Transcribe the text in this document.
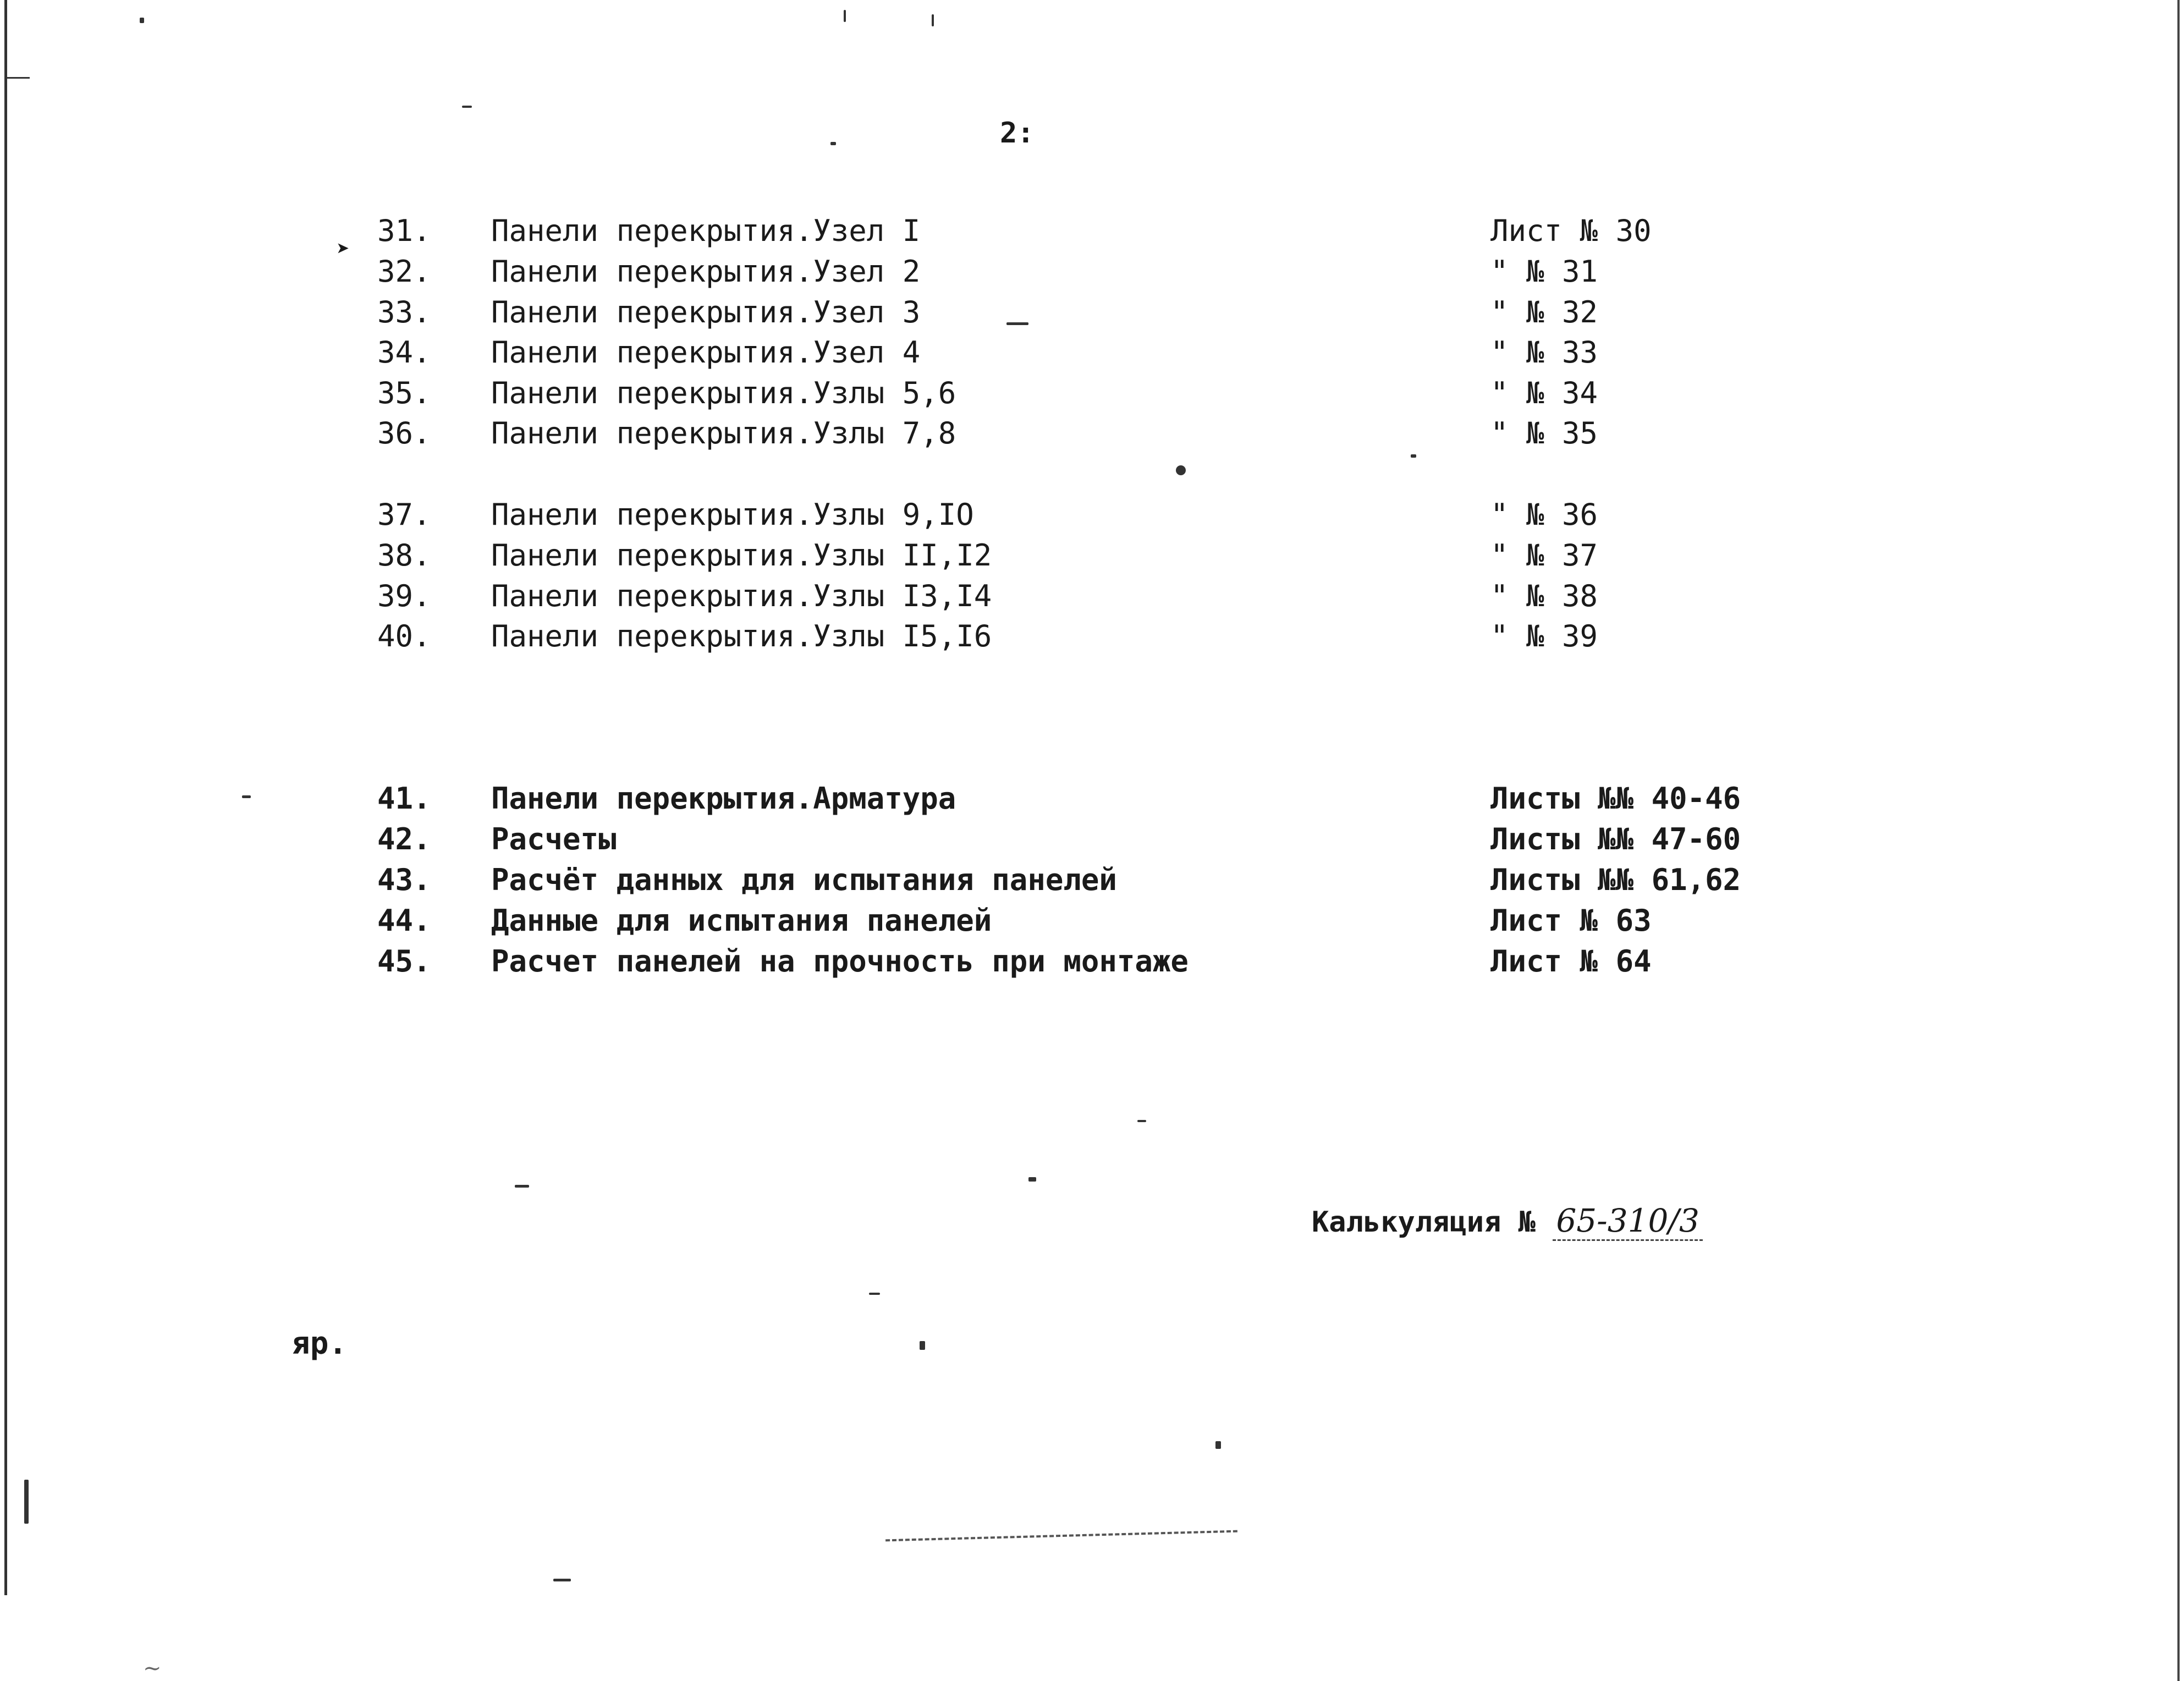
2:
➤
31. Панели перекрытия.Узел I	Лист № 30
32. Панели перекрытия.Узел 2	" № 31
33. Панели перекрытия.Узел 3	" № 32
34. Панели перекрытия.Узел 4	" № 33
35. Панели перекрытия.Узлы 5,6	" № 34
36. Панели перекрытия.Узлы 7,8	" № 35
37. Панели перекрытия.Узлы 9,IO	" № 36
38. Панели перекрытия.Узлы II,I2	" № 37
39. Панели перекрытия.Узлы I3,I4	" № 38
40. Панели перекрытия.Узлы I5,I6	" № 39
41. Панели перекрытия.Арматура	Листы №№ 40-46
42. Расчеты	Листы №№ 47-60
43. Расчёт данных для испытания панелей	Листы №№ 61,62
44. Данные для испытания панелей	Лист № 63
45. Расчет панелей на прочность при монтаже	Лист № 64
Калькуляция № 65-310/3
яр.
~
